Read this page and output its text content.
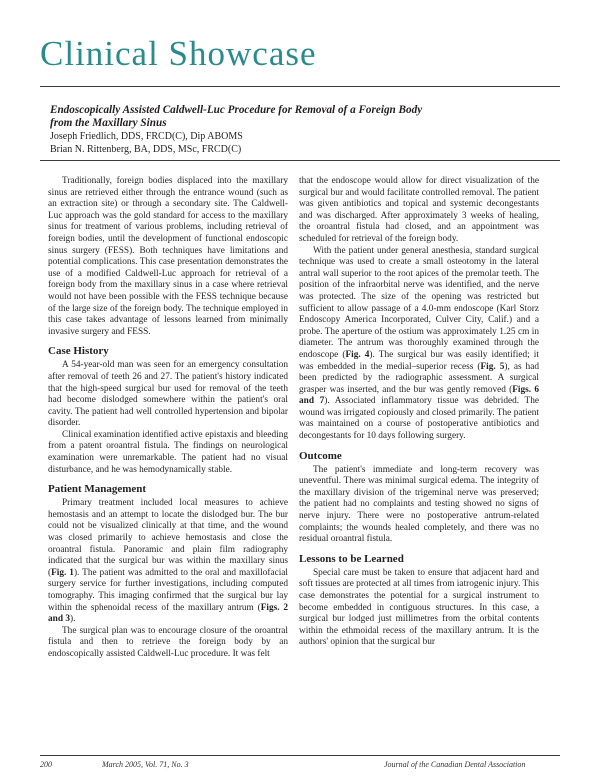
Clinical Showcase

Endoscopically Assisted Caldwell-Luc Procedure for Removal of a Foreign Body
from the Maxillary Sinus

Joseph Friedlich, DDS, FRCD(C), Dip ABOMS
Brian N. Rittenberg, BA, DDS, MSc, FRCD(C)

Traditionally, foreign bodies displaced into the maxillary sinus are retrieved either through the entrance wound (such as an extraction site) or through a secondary site. The Caldwell-Luc approach was the gold standard for access to the maxillary sinus for treatment of various problems, including retrieval of foreign bodies, until the development of functional endoscopic sinus surgery (FESS). Both techniques have limitations and potential complications. This case presentation demonstrates the use of a modified Caldwell-Luc approach for retrieval of a foreign body from the maxillary sinus in a case where retrieval would not have been possible with the FESS technique because of the large size of the foreign body. The technique employed in this case takes advantage of lessons learned from minimally invasive surgery and FESS.

Case History

A 54-year-old man was seen for an emergency consultation after removal of teeth 26 and 27. The patient's history indicated that the high-speed surgical bur used for removal of the teeth had become dislodged somewhere within the patient's oral cavity. The patient had well controlled hypertension and bipolar disorder.

Clinical examination identified active epistaxis and bleeding from a patent oroantral fistula. The findings on neurological examination were unremarkable. The patient had no visual disturbance, and he was hemodynamically stable.

Patient Management

Primary treatment included local measures to achieve hemostasis and an attempt to locate the dislodged bur. The bur could not be visualized clinically at that time, and the wound was closed primarily to achieve hemostasis and close the oroantral fistula. Panoramic and plain film radiography indicated that the surgical bur was within the maxillary sinus (Fig. 1). The patient was admitted to the oral and maxillofacial surgery service for further investigations, including computed tomography. This imaging confirmed that the surgical bur lay within the sphenoidal recess of the maxillary antrum (Figs. 2 and 3).

The surgical plan was to encourage closure of the oroantral fistula and then to retrieve the foreign body by an endoscopically assisted Caldwell-Luc procedure. It was felt

that the endoscope would allow for direct visualization of the surgical bur and would facilitate controlled removal. The patient was given antibiotics and topical and systemic decongestants and was discharged. After approximately 3 weeks of healing, the oroantral fistula had closed, and an appointment was scheduled for retrieval of the foreign body.

With the patient under general anesthesia, standard surgical technique was used to create a small osteotomy in the lateral antral wall superior to the root apices of the premolar teeth. The position of the infraorbital nerve was identified, and the nerve was protected. The size of the opening was restricted but sufficient to allow passage of a 4.0-mm endoscope (Karl Storz Endoscopy America Incorporated, Culver City, Calif.) and a probe. The aperture of the ostium was approximately 1.25 cm in diameter. The antrum was thoroughly examined through the endoscope (Fig. 4). The surgical bur was easily identified; it was embedded in the medial–superior recess (Fig. 5), as had been predicted by the radiographic assessment. A surgical grasper was inserted, and the bur was gently removed (Figs. 6 and 7). Associated inflammatory tissue was debrided. The wound was irrigated copiously and closed primarily. The patient was maintained on a course of postoperative antibiotics and decongestants for 10 days following surgery.

Outcome

The patient's immediate and long-term recovery was uneventful. There was minimal surgical edema. The integrity of the maxillary division of the trigeminal nerve was preserved; the patient had no complaints and testing showed no signs of nerve injury. There were no postoperative antrum-related complaints; the wounds healed completely, and there was no residual oroantral fistula.

Lessons to be Learned

Special care must be taken to ensure that adjacent hard and soft tissues are protected at all times from iatrogenic injury. This case demonstrates the potential for a surgical instrument to become embedded in contiguous structures. In this case, a surgical bur lodged just millimetres from the orbital contents within the ethmoidal recess of the maxillary antrum. It is the authors' opinion that the surgical bur

200	March 2005, Vol. 71, No. 3	Journal of the Canadian Dental Association
